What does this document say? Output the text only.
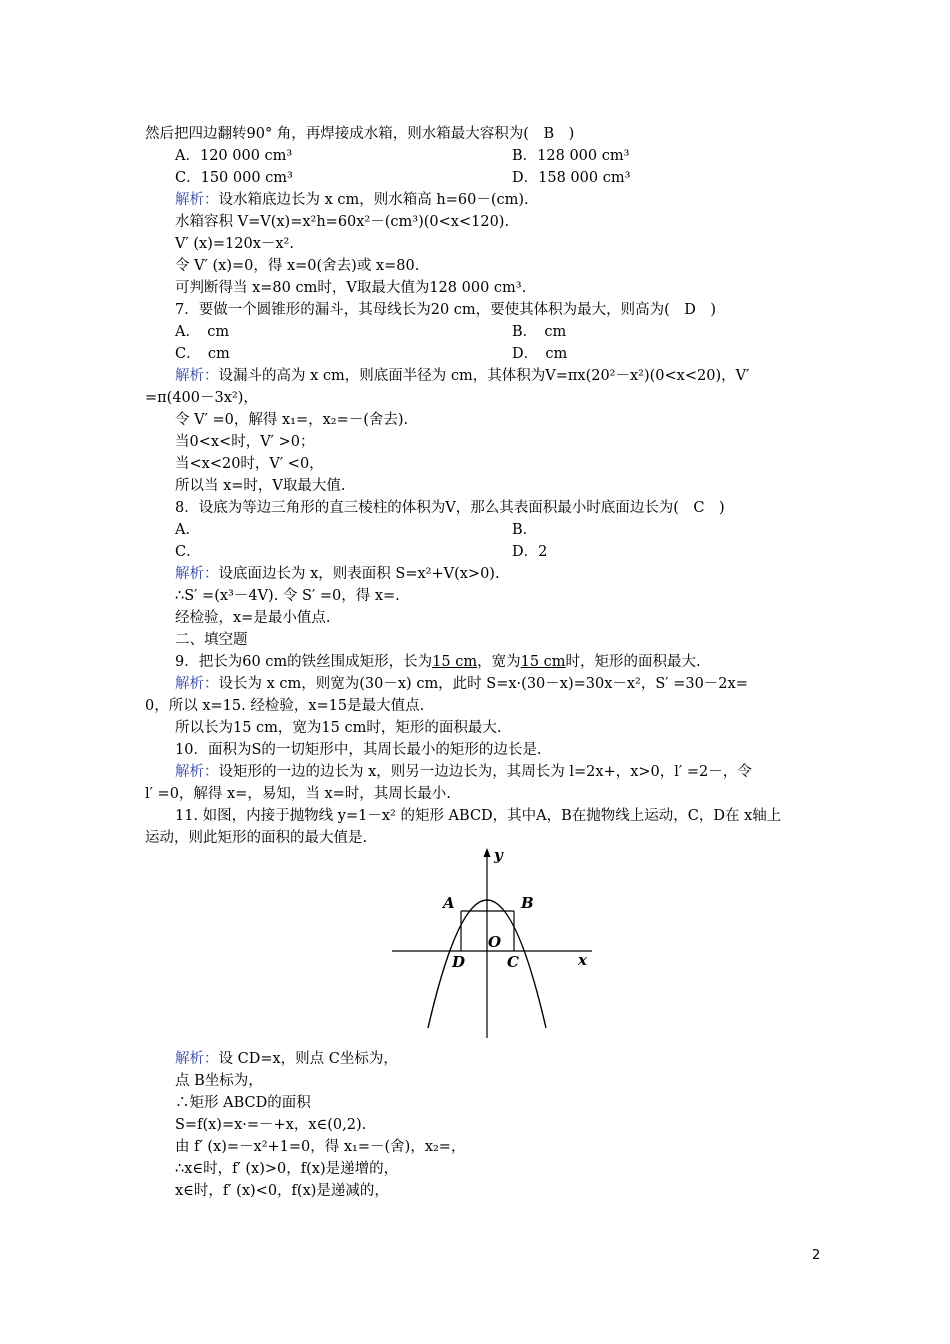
然后把四边翻转90° 角，再焊接成水箱，则水箱最大容积为(　B　)
A．120 000 cm³	B．128 000 cm³
C．150 000 cm³	D．158 000 cm³
解析：设水箱底边长为 x cm，则水箱高 h=60－(cm).
水箱容积 V=V(x)=x²h=60x²－(cm³)(0<x<120).
V′ (x)=120x－x².
令 V′ (x)=0，得 x=0(舍去)或 x=80.
可判断得当 x=80 cm时，V取最大值为128 000 cm³.
7．要做一个圆锥形的漏斗，其母线长为20 cm，要使其体积为最大，则高为(　D　)
A．　cm	B．　cm
C．　cm	D．　cm
解析：设漏斗的高为 x cm，则底面半径为 cm，其体积为V=πx(20²－x²)(0<x<20)，V′
=π(400－3x²)，
令 V′ =0，解得 x₁=，x₂=－(舍去).
当0<x<时，V′ >0；
当<x<20时，V′ <0，
所以当 x=时，V取最大值.
8．设底为等边三角形的直三棱柱的体积为V，那么其表面积最小时底面边长为(　C　)
A．	B．
C．	D．2
解析：设底面边长为 x，则表面积 S=x²+V(x>0).
∴S′ =(x³－4V). 令 S′ =0，得 x=.
经检验，x=是最小值点.
二、填空题
9．把长为60 cm的铁丝围成矩形，长为15 cm，宽为15 cm时，矩形的面积最大.
解析：设长为 x cm，则宽为(30－x) cm，此时 S=x·(30－x)=30x－x²，S′ =30－2x=
0，所以 x=15. 经检验，x=15是最大值点.
所以长为15 cm，宽为15 cm时，矩形的面积最大.
10．面积为S的一切矩形中，其周长最小的矩形的边长是.
解析：设矩形的一边的边长为 x，则另一边边长为，其周长为 l=2x+，x>0，l′ =2－，令
l′ =0，解得 x=，易知，当 x=时，其周长最小.
11. 如图，内接于抛物线 y=1－x² 的矩形 ABCD，其中A，B在抛物线上运动，C，D在 x轴上
运动，则此矩形的面积的最大值是.
y
x
A	B
O
D	C
解析：设 CD=x，则点 C坐标为，
点 B坐标为，
∴矩形 ABCD的面积
S=f(x)=x·=－+x，x∈(0,2).
由 f′ (x)=－x²+1=0，得 x₁=－(舍)，x₂=，
∴x∈时，f′ (x)>0，f(x)是递增的，
x∈时，f′ (x)<0，f(x)是递减的，
2
